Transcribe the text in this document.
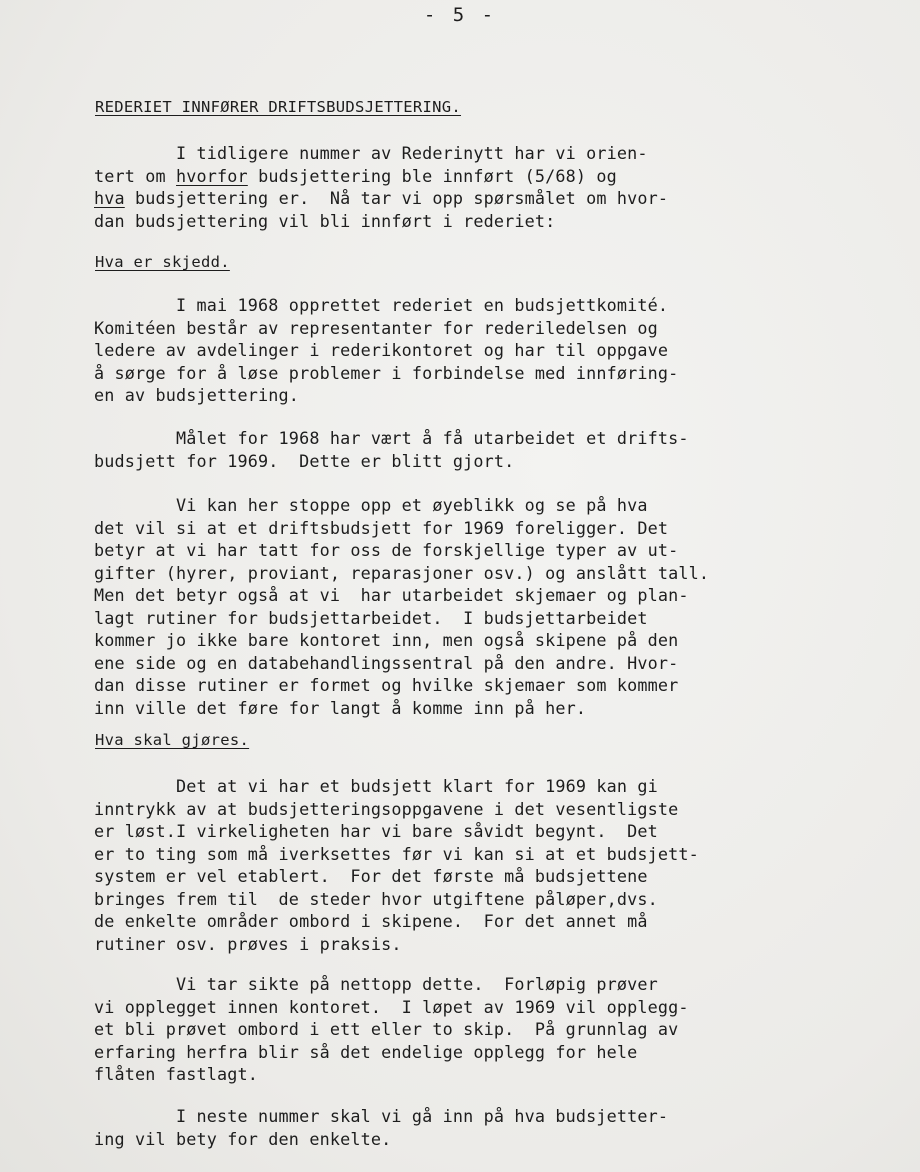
- 5 -
REDERIET INNFØRER DRIFTSBUDSJETTERING.
I tidligere nummer av Rederinytt har vi orien-
tert om hvorfor budsjettering ble innført (5/68) og
hva budsjettering er.  Nå tar vi opp spørsmålet om hvor-
dan budsjettering vil bli innført i rederiet:
Hva er skjedd.
I mai 1968 opprettet rederiet en budsjettkomité.
Komitéen består av representanter for rederiledelsen og
ledere av avdelinger i rederikontoret og har til oppgave
å sørge for å løse problemer i forbindelse med innføring-
en av budsjettering.
Målet for 1968 har vært å få utarbeidet et drifts-
budsjett for 1969.  Dette er blitt gjort.
Vi kan her stoppe opp et øyeblikk og se på hva
det vil si at et driftsbudsjett for 1969 foreligger. Det
betyr at vi har tatt for oss de forskjellige typer av ut-
gifter (hyrer, proviant, reparasjoner osv.) og anslått tall.
Men det betyr også at vi  har utarbeidet skjemaer og plan-
lagt rutiner for budsjettarbeidet.  I budsjettarbeidet
kommer jo ikke bare kontoret inn, men også skipene på den
ene side og en databehandlingssentral på den andre. Hvor-
dan disse rutiner er formet og hvilke skjemaer som kommer
inn ville det føre for langt å komme inn på her.
Hva skal gjøres.
Det at vi har et budsjett klart for 1969 kan gi
inntrykk av at budsjetteringsoppgavene i det vesentligste
er løst.I virkeligheten har vi bare såvidt begynt.  Det
er to ting som må iverksettes før vi kan si at et budsjett-
system er vel etablert.  For det første må budsjettene
bringes frem til  de steder hvor utgiftene påløper,dvs.
de enkelte områder ombord i skipene.  For det annet må
rutiner osv. prøves i praksis.
Vi tar sikte på nettopp dette.  Forløpig prøver
vi opplegget innen kontoret.  I løpet av 1969 vil opplegg-
et bli prøvet ombord i ett eller to skip.  På grunnlag av
erfaring herfra blir så det endelige opplegg for hele
flåten fastlagt.
I neste nummer skal vi gå inn på hva budsjetter-
ing vil bety for den enkelte.
